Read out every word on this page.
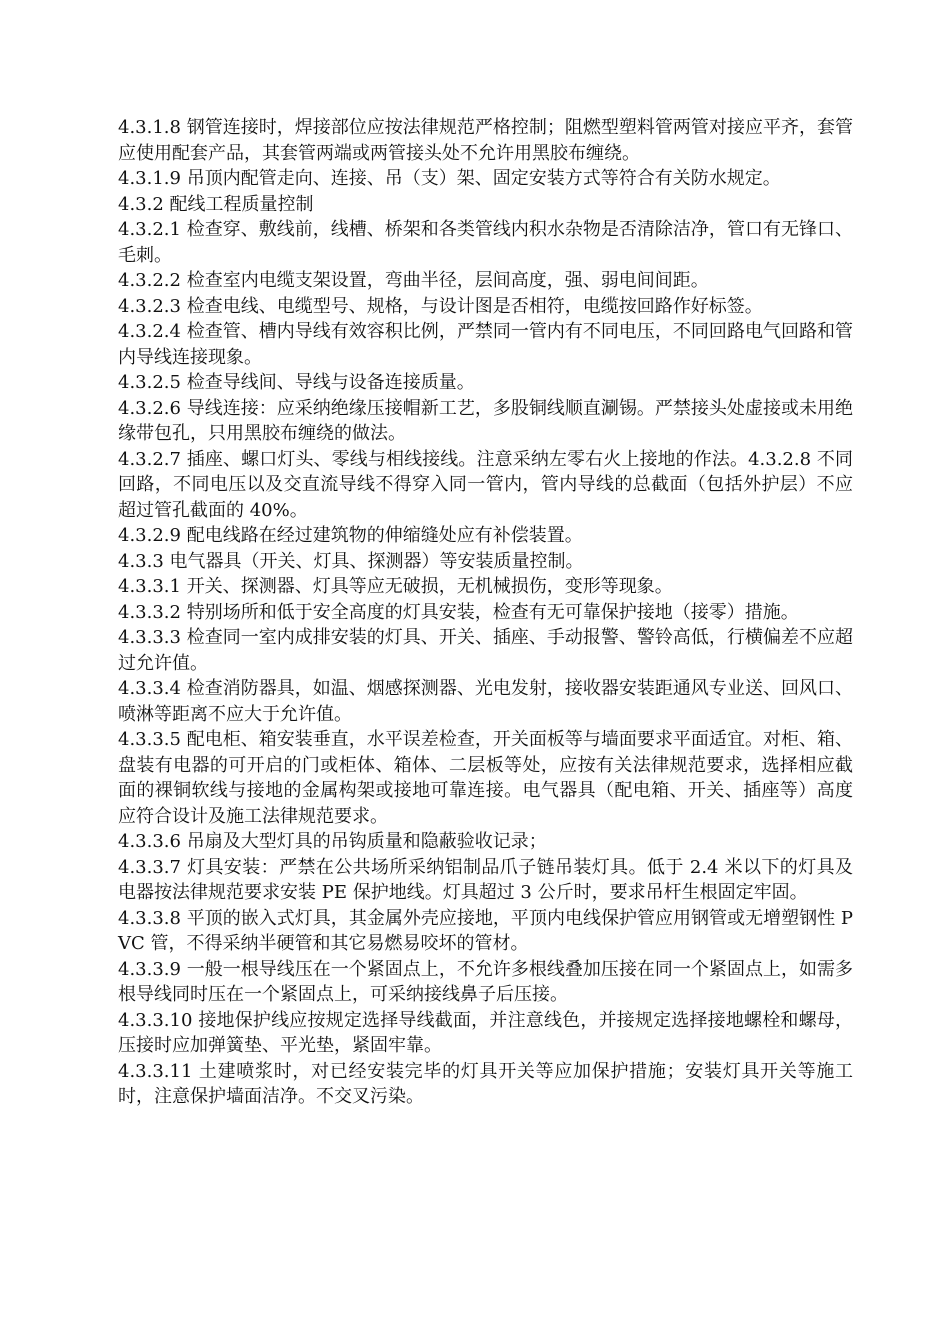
4.3.1.8 钢管连接时，焊接部位应按法律规范严格控制；阻燃型塑料管两管对接应平齐，套管应使用配套产品，其套管两端或两管接头处不允许用黑胶布缠绕。

4.3.1.9 吊顶内配管走向、连接、吊（支）架、固定安装方式等符合有关防水规定。

4.3.2 配线工程质量控制

4.3.2.1 检查穿、敷线前，线槽、桥架和各类管线内积水杂物是否清除洁净，管口有无锋口、毛刺。

4.3.2.2 检查室内电缆支架设置，弯曲半径，层间高度，强、弱电间间距。

4.3.2.3 检查电线、电缆型号、规格，与设计图是否相符，电缆按回路作好标签。

4.3.2.4 检查管、槽内导线有效容积比例，严禁同一管内有不同电压，不同回路电气回路和管内导线连接现象。

4.3.2.5 检查导线间、导线与设备连接质量。

4.3.2.6 导线连接：应采纳绝缘压接帽新工艺，多股铜线顺直涮锡。严禁接头处虚接或未用绝缘带包孔，只用黑胶布缠绕的做法。

4.3.2.7 插座、螺口灯头、零线与相线接线。注意采纳左零右火上接地的作法。4.3.2.8 不同回路，不同电压以及交直流导线不得穿入同一管内，管内导线的总截面（包括外护层）不应超过管孔截面的 40%。

4.3.2.9 配电线路在经过建筑物的伸缩缝处应有补偿装置。

4.3.3 电气器具（开关、灯具、探测器）等安装质量控制。

4.3.3.1 开关、探测器、灯具等应无破损，无机械损伤，变形等现象。

4.3.3.2 特别场所和低于安全高度的灯具安装，检查有无可靠保护接地（接零）措施。

4.3.3.3 检查同一室内成排安装的灯具、开关、插座、手动报警、警铃高低，行横偏差不应超过允许值。

4.3.3.4 检查消防器具，如温、烟感探测器、光电发射，接收器安装距通风专业送、回风口、喷淋等距离不应大于允许值。

4.3.3.5 配电柜、箱安装垂直，水平误差检查，开关面板等与墙面要求平面适宜。对柜、箱、盘装有电器的可开启的门或柜体、箱体、二层板等处，应按有关法律规范要求，选择相应截面的裸铜软线与接地的金属构架或接地可靠连接。电气器具（配电箱、开关、插座等）高度应符合设计及施工法律规范要求。

4.3.3.6 吊扇及大型灯具的吊钩质量和隐蔽验收记录；

4.3.3.7 灯具安装：严禁在公共场所采纳铝制品爪子链吊装灯具。低于 2.4 米以下的灯具及电器按法律规范要求安装 PE 保护地线。灯具超过 3 公斤时，要求吊杆生根固定牢固。

4.3.3.8 平顶的嵌入式灯具，其金属外壳应接地，平顶内电线保护管应用钢管或无增塑钢性 PVC 管，不得采纳半硬管和其它易燃易咬坏的管材。

4.3.3.9 一般一根导线压在一个紧固点上，不允许多根线叠加压接在同一个紧固点上，如需多根导线同时压在一个紧固点上，可采纳接线鼻子后压接。

4.3.3.10 接地保护线应按规定选择导线截面，并注意线色，并接规定选择接地螺栓和螺母，压接时应加弹簧垫、平光垫，紧固牢靠。

4.3.3.11 土建喷浆时，对已经安装完毕的灯具开关等应加保护措施；安装灯具开关等施工时，注意保护墙面洁净。不交叉污染。
